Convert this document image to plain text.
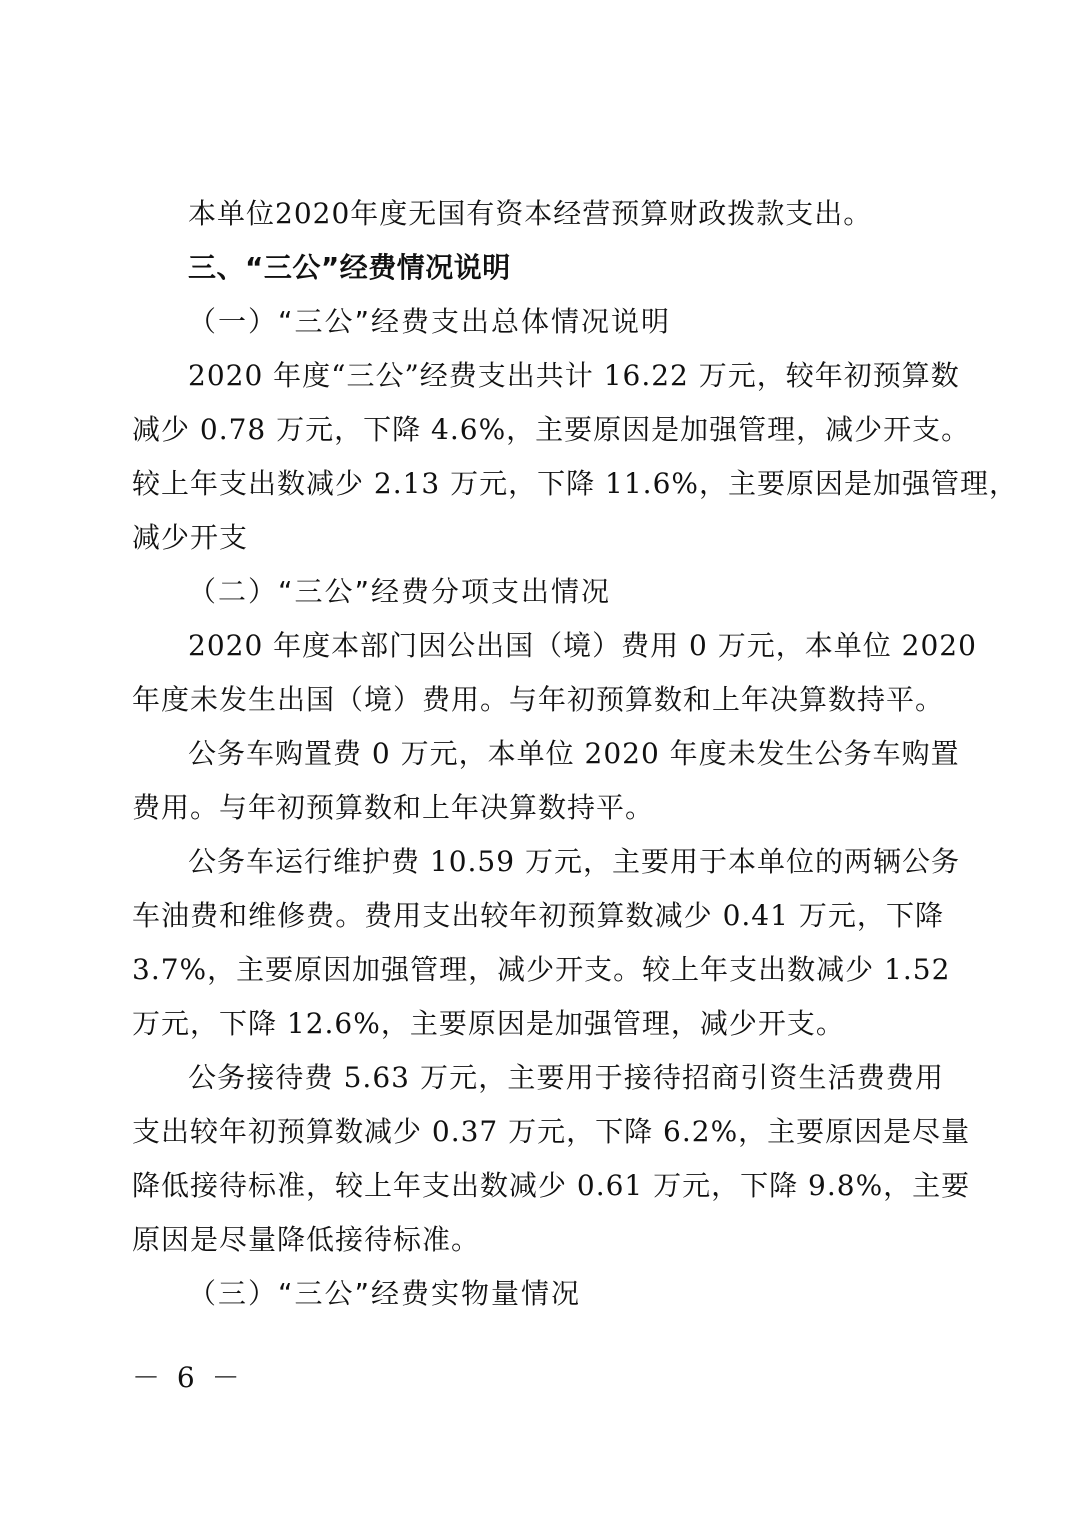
本单位2020年度无国有资本经营预算财政拨款支出。
三、“三公”经费情况说明
（一）“三公”经费支出总体情况说明
2020 年度“三公”经费支出共计 16.22 万元，较年初预算数
减少 0.78 万元，下降 4.6%，主要原因是加强管理，减少开支。
较上年支出数减少 2.13 万元，下降 11.6%，主要原因是加强管理，
减少开支
（二）“三公”经费分项支出情况
2020 年度本部门因公出国（境）费用 0 万元，本单位 2020
年度未发生出国（境）费用。与年初预算数和上年决算数持平。
公务车购置费 0 万元，本单位 2020 年度未发生公务车购置
费用。与年初预算数和上年决算数持平。
公务车运行维护费 10.59 万元，主要用于本单位的两辆公务
车油费和维修费。费用支出较年初预算数减少 0.41 万元，下降
3.7%，主要原因加强管理，减少开支。较上年支出数减少 1.52
万元，下降 12.6%，主要原因是加强管理，减少开支。
公务接待费 5.63 万元，主要用于接待招商引资生活费费用
支出较年初预算数减少 0.37 万元，下降 6.2%，主要原因是尽量
降低接待标准，较上年支出数减少 0.61 万元，下降 9.8%，主要
原因是尽量降低接待标准。
（三）“三公”经费实物量情况
－ 6 －
